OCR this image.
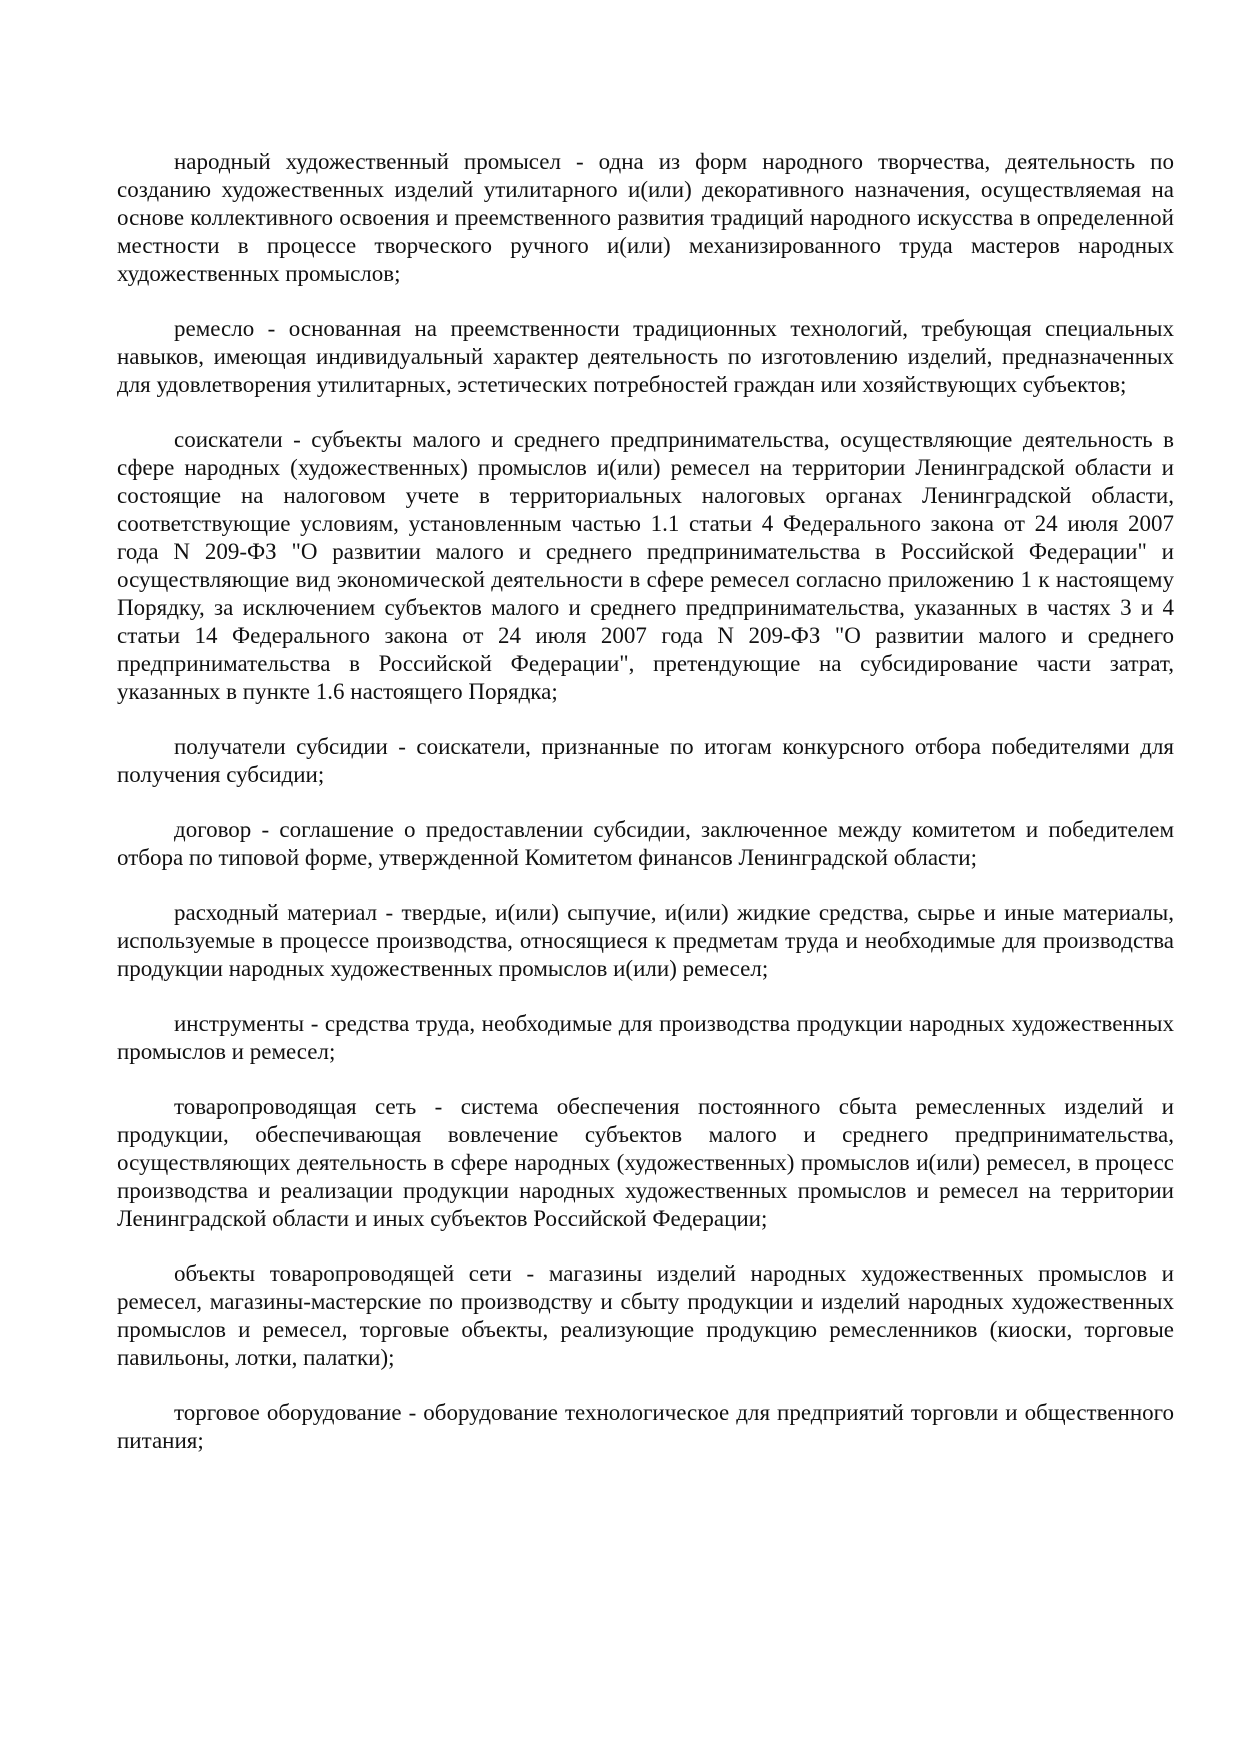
народный художественный промысел - одна из форм народного творчества, деятельность по созданию художественных изделий утилитарного и(или) декоративного назначения, осуществляемая на основе коллективного освоения и преемственного развития традиций народного искусства в определенной местности в процессе творческого ручного и(или) механизированного труда мастеров народных художественных промыслов;

ремесло - основанная на преемственности традиционных технологий, требующая специальных навыков, имеющая индивидуальный характер деятельность по изготовлению изделий, предназначенных для удовлетворения утилитарных, эстетических потребностей граждан или хозяйствующих субъектов;

соискатели - субъекты малого и среднего предпринимательства, осуществляющие деятельность в сфере народных (художественных) промыслов и(или) ремесел на территории Ленинградской области и состоящие на налоговом учете в территориальных налоговых органах Ленинградской области, соответствующие условиям, установленным частью 1.1 статьи 4 Федерального закона от 24 июля 2007 года N 209-ФЗ "О развитии малого и среднего предпринимательства в Российской Федерации" и осуществляющие вид экономической деятельности в сфере ремесел согласно приложению 1 к настоящему Порядку, за исключением субъектов малого и среднего предпринимательства, указанных в частях 3 и 4 статьи 14 Федерального закона от 24 июля 2007 года N 209-ФЗ "О развитии малого и среднего предпринимательства в Российской Федерации", претендующие на субсидирование части затрат, указанных в пункте 1.6 настоящего Порядка;

получатели субсидии - соискатели, признанные по итогам конкурсного отбора победителями для получения субсидии;

договор - соглашение о предоставлении субсидии, заключенное между комитетом и победителем отбора по типовой форме, утвержденной Комитетом финансов Ленинградской области;

расходный материал - твердые, и(или) сыпучие, и(или) жидкие средства, сырье и иные материалы, используемые в процессе производства, относящиеся к предметам труда и необходимые для производства продукции народных художественных промыслов и(или) ремесел;

инструменты - средства труда, необходимые для производства продукции народных художественных промыслов и ремесел;

товаропроводящая сеть - система обеспечения постоянного сбыта ремесленных изделий и продукции, обеспечивающая вовлечение субъектов малого и среднего предпринимательства, осуществляющих деятельность в сфере народных (художественных) промыслов и(или) ремесел, в процесс производства и реализации продукции народных художественных промыслов и ремесел на территории Ленинградской области и иных субъектов Российской Федерации;

объекты товаропроводящей сети - магазины изделий народных художественных промыслов и ремесел, магазины-мастерские по производству и сбыту продукции и изделий народных художественных промыслов и ремесел, торговые объекты, реализующие продукцию ремесленников (киоски, торговые павильоны, лотки, палатки);

торговое оборудование - оборудование технологическое для предприятий торговли и общественного питания;
